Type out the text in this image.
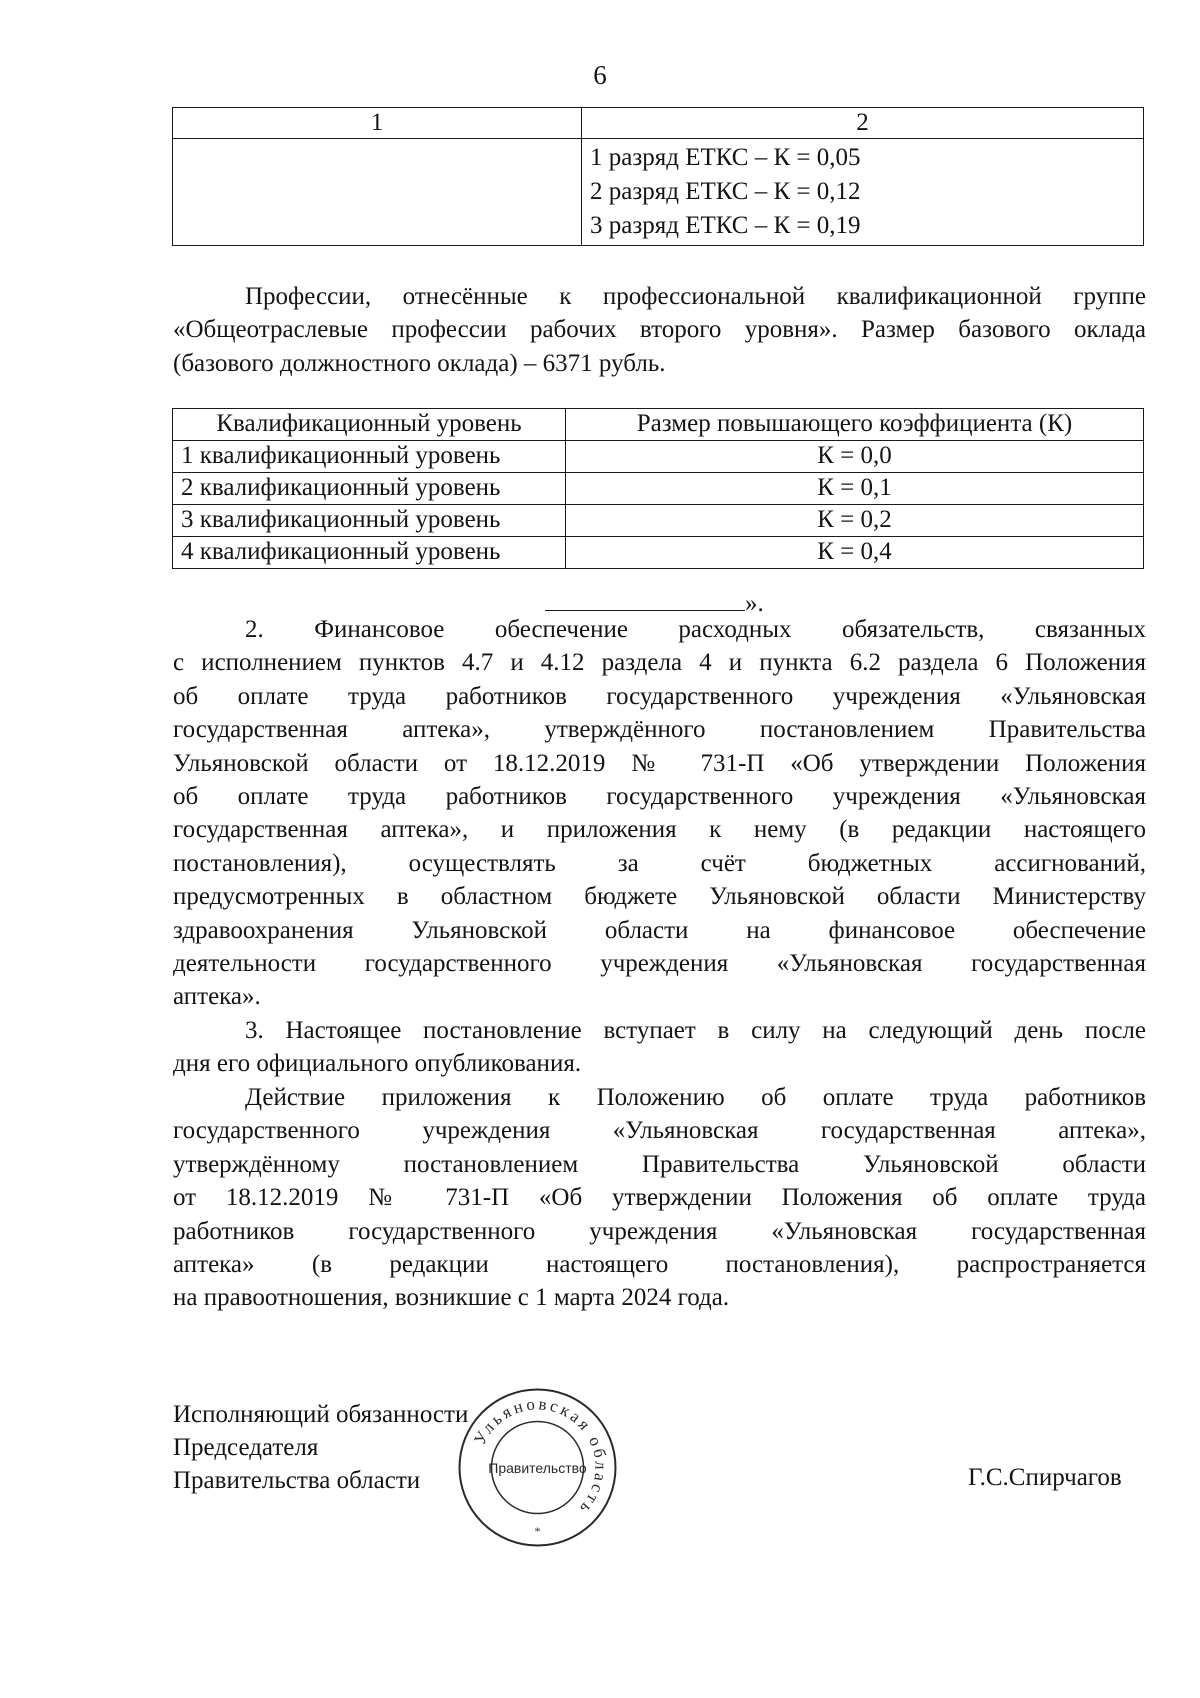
6
1	2

	1 разряд ЕТКС – К = 0,05
2 разряд ЕТКС – К = 0,12
3 разряд ЕТКС – К = 0,19
Профессии, отнесённые к профессиональной квалификационной группе
«Общеотраслевые профессии рабочих второго уровня». Размер базового оклада
(базового должностного оклада) – 6371 рубль.
Квалификационный уровень	Размер повышающего коэффициента (К)
1 квалификационный уровень	К = 0,0
2 квалификационный уровень	К = 0,1
3 квалификационный уровень	К = 0,2
4 квалификационный уровень	К = 0,4
».
2. Финансовое обеспечение расходных обязательств, связанных
с исполнением пунктов 4.7 и 4.12 раздела 4 и пункта 6.2 раздела 6 Положения
об оплате труда работников государственного учреждения «Ульяновская
государственная аптека», утверждённого постановлением Правительства
Ульяновской области от 18.12.2019 № 731-П «Об утверждении Положения
об оплате труда работников государственного учреждения «Ульяновская
государственная аптека», и приложения к нему (в редакции настоящего
постановления), осуществлять за счёт бюджетных ассигнований,
предусмотренных в областном бюджете Ульяновской области Министерству
здравоохранения Ульяновской области на финансовое обеспечение
деятельности государственного учреждения «Ульяновская государственная
аптека».
3. Настоящее постановление вступает в силу на следующий день после
дня его официального опубликования.
Действие приложения к Положению об оплате труда работников
государственного учреждения «Ульяновская государственная аптека»,
утверждённому постановлением Правительства Ульяновской области
от 18.12.2019 № 731-П «Об утверждении Положения об оплате труда
работников государственного учреждения «Ульяновская государственная
аптека» (в редакции настоящего постановления), распространяется
на правоотношения, возникшие с 1 марта 2024 года.
Исполняющий обязанности
Председателя
Правительства области	Г.С.Спирчагов
Ульяновская область
Правительство
*
